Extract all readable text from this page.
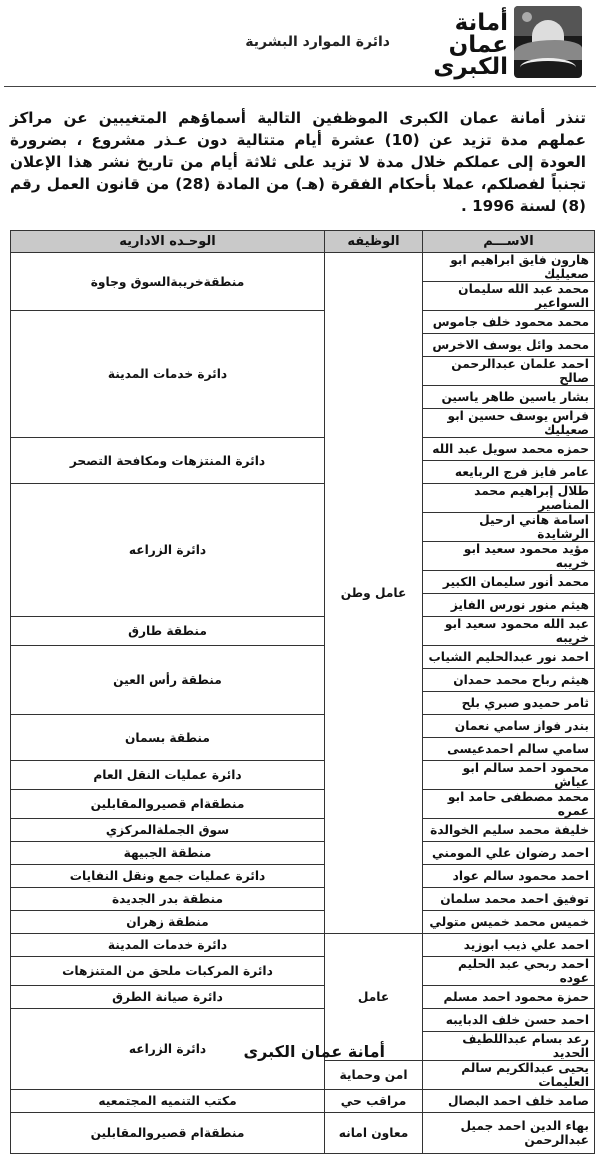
أمانة
عمان
الكبرى
دائرة الموارد البشرية

تنذر أمانة عمان الكبرى الموظفين التالية أسماؤهم المتغيبين عن مراكز عملهم مدة تزيد عن (10) عشرة أيام متتالية دون عـذر مشروع ، بضرورة العودة إلى عملكم خلال مدة لا تزيد على ثلاثة أيام من تاريخ نشر هذا الإعلان تجنباً لفصلكم، عملا بأحكام الفقرة (هـ) من المادة (28) من قانون العمل رقم (8) لسنة 1996 .

الاســـم	الوظيفه	الوحـده الاداريه
هارون فايق ابراهيم ابو صعيليك	عامل وطن	منطقةخريبةالسوق وجاوة
محمد عبد الله سليمان السواعير		
محمد محمود خلف جاموس		دائرة خدمات المدينة
محمد وائل يوسف الاخرس		
احمد علمان عبدالرحمن صالح		
بشار ياسين طاهر ياسين		
فراس يوسف حسين ابو صعيليك		
حمزه محمد سويل عبد الله		دائرة المنتزهات ومكافحة التصحر
عامر فايز فرج الربايعه		
طلال إبراهيم محمد المناصير		دائرة الزراعه
اسامة هاني ارحيل الرشايدة		
مؤيد محمود سعيد ابو خريبه		
محمد أنور سليمان الكبير		
هيثم منور نورس الفايز		
عبد الله محمود سعيد ابو خريبه		منطقة طارق
احمد نور عبدالحليم الشياب		منطقة رأس العين
هيثم رباح محمد حمدان		
ثامر حميدو صبري بلح		
بندر فواز سامي نعمان		منطقة بسمان
سامي سالم احمدعيسى		
محمود احمد سالم ابو عياش		دائرة عمليات النقل العام
محمد مصطفى حامد ابو عمره		منطقةام قصيروالمقابلين
خليفة محمد سليم الخوالدة		سوق الجملةالمركزي
احمد رضوان علي المومني		منطقة الجبيهة
احمد محمود سالم عواد		دائرة عمليات جمع ونقل النفايات
توفيق احمد محمد سلمان		منطقة بدر الجديدة
خميس محمد خميس متولي		منطقة زهران
احمد علي ذيب ابوزيد	عامل	دائرة خدمات المدينة
احمد ربحي عبد الحليم عوده		دائرة المركبات ملحق من المتنزهات
حمزة محمود احمد مسلم		دائرة صيانة الطرق
احمد حسن خلف الدبايبه		دائرة الزراعه
رعد بسام عبداللطيف الحديد		
يحيى عبدالكريم سالم العليمات	امن وحماية	
صامد خلف احمد البصال	مراقب حي	مكتب التنميه المجتمعيه
بهاء الدين احمد جميل عبدالرحمن	معاون امانه	منطقةام قصيروالمقابلين
أمانة عمان الكبرى
